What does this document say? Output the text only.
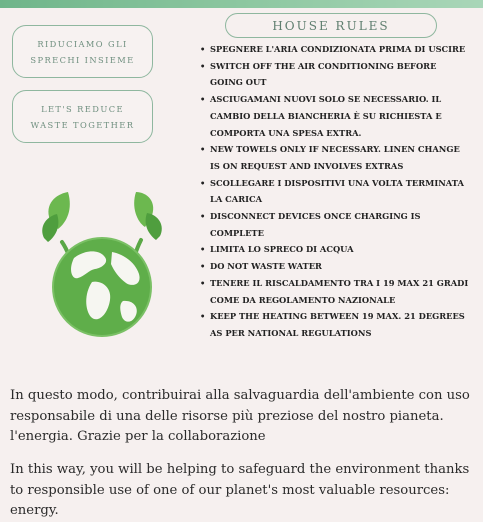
RIDUCIAMO GLI SPRECHI INSIEME
LET'S REDUCE WASTE TOGETHER
HOUSE RULES
• SPEGNERE L'ARIA CONDIZIONATA PRIMA DI USCIRE
• SWITCH OFF THE AIR CONDITIONING BEFORE GOING OUT
• ASCIUGAMANI NUOVI SOLO SE NECESSARIO. IL CAMBIO DELLA BIANCHERIA È SU RICHIESTA E COMPORTA UNA SPESA EXTRA.
• NEW TOWELS ONLY IF NECESSARY. LINEN CHANGE IS ON REQUEST AND INVOLVES EXTRAS
• SCOLLEGARE I DISPOSITIVI UNA VOLTA TERMINATA LA CARICA
• DISCONNECT DEVICES ONCE CHARGING IS COMPLETE
• LIMITA LO SPRECO DI ACQUA
• DO NOT WASTE WATER
• TENERE IL RISCALDAMENTO TRA I 19 MAX 21 GRADI COME DA REGOLAMENTO NAZIONALE
• KEEP THE HEATING BETWEEN 19 MAX. 21 DEGREES AS PER NATIONAL REGULATIONS
In questo modo, contribuirai alla salvaguardia dell'ambiente con uso responsabile di una delle risorse più preziose del nostro pianeta. l'energia. Grazie per la collaborazione
In this way, you will be helping to safeguard the environment thanks to responsible use of one of our planet's most valuable resources: energy.
